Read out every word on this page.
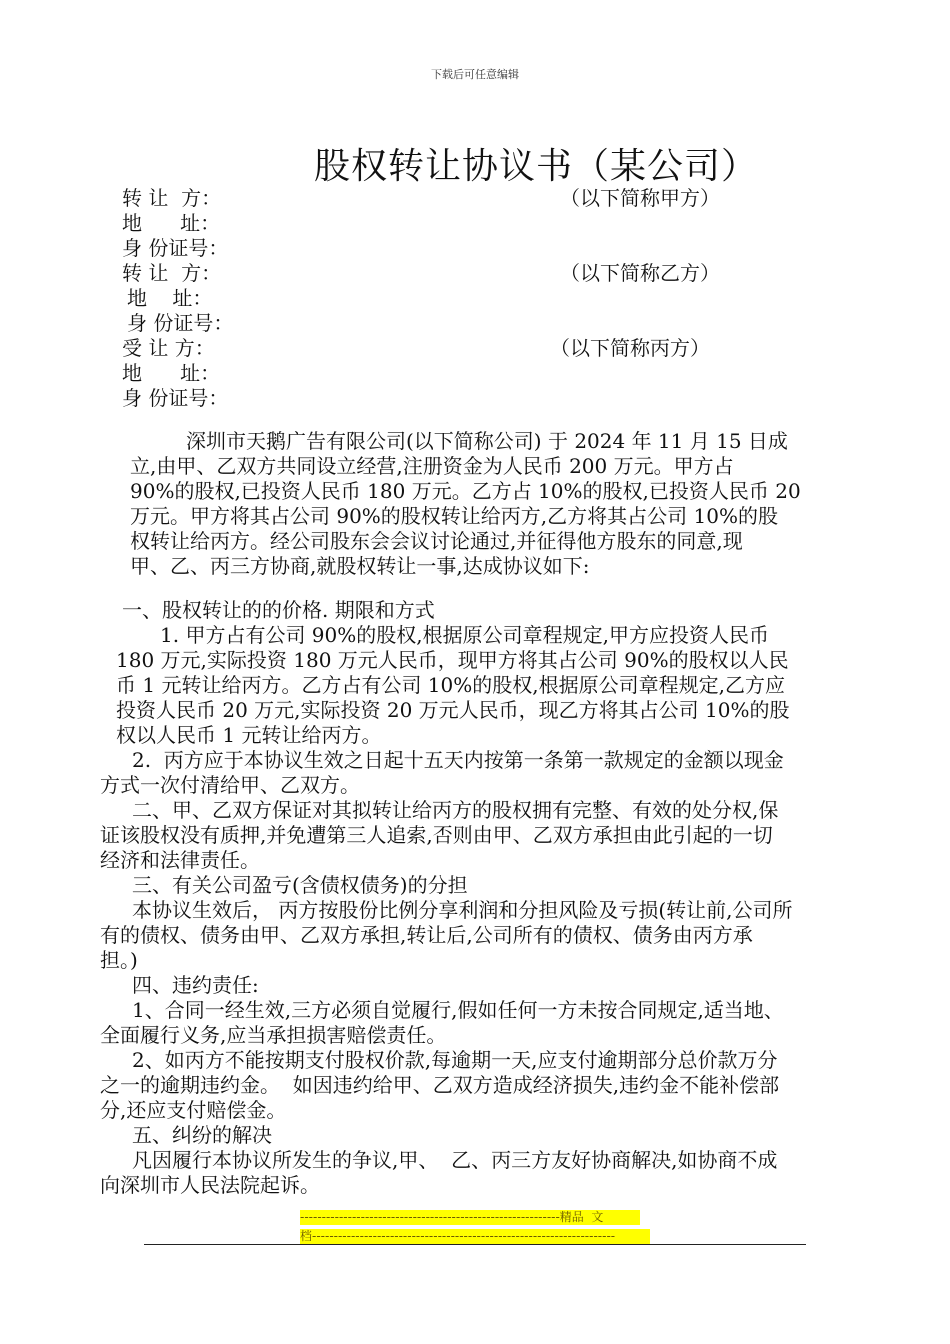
下载后可任意编辑
股权转让协议书（某公司）
转 让  方：	（以下简称甲方）
地      址：
身 份证号：
转 让  方：	（以下简称乙方）
地    址：
身 份证号：
受 让 方：	（以下简称丙方）
地      址：
身 份证号：
深圳市天鹅广告有限公司(以下简称公司) 于 2024 年 11 月 15 日成
立,由甲、乙双方共同设立经营,注册资金为人民币 200 万元。甲方占
90%的股权,已投资人民币 180 万元。乙方占 10%的股权,已投资人民币 20
万元。甲方将其占公司 90%的股权转让给丙方,乙方将其占公司 10%的股
权转让给丙方。经公司股东会会议讨论通过,并征得他方股东的同意,现
甲、乙、丙三方协商,就股权转让一事,达成协议如下:
一、股权转让的的价格. 期限和方式
1. 甲方占有公司 90%的股权,根据原公司章程规定,甲方应投资人民币
180 万元,实际投资 180 万元人民币，现甲方将其占公司 90%的股权以人民
币 1 元转让给丙方。乙方占有公司 10%的股权,根据原公司章程规定,乙方应
投资人民币 20 万元,实际投资 20 万元人民币，现乙方将其占公司 10%的股
权以人民币 1 元转让给丙方。
2.  丙方应于本协议生效之日起十五天内按第一条第一款规定的金额以现金
方式一次付清给甲、乙双方。
二、甲、乙双方保证对其拟转让给丙方的股权拥有完整、有效的处分权,保
证该股权没有质押,并免遭第三人追索,否则由甲、乙双方承担由此引起的一切
经济和法律责任。
三、有关公司盈亏(含债权债务)的分担
本协议生效后， 丙方按股份比例分享利润和分担风险及亏损(转让前,公司所
有的债权、债务由甲、乙双方承担,转让后,公司所有的债权、债务由丙方承
担。)
四、违约责任:
1、合同一经生效,三方必须自觉履行,假如任何一方未按合同规定,适当地、
全面履行义务,应当承担损害赔偿责任。
2、如丙方不能按期支付股权价款,每逾期一天,应支付逾期部分总价款万分
之一的逾期违约金。  如因违约给甲、乙双方造成经济损失,违约金不能补偿部
分,还应支付赔偿金。
五、纠纷的解决
凡因履行本协议所发生的争议,甲、  乙、丙三方友好协商解决,如协商不成
向深圳市人民法院起诉。
------------------------------------------------------------精品  文
档----------------------------------------------------------------------
